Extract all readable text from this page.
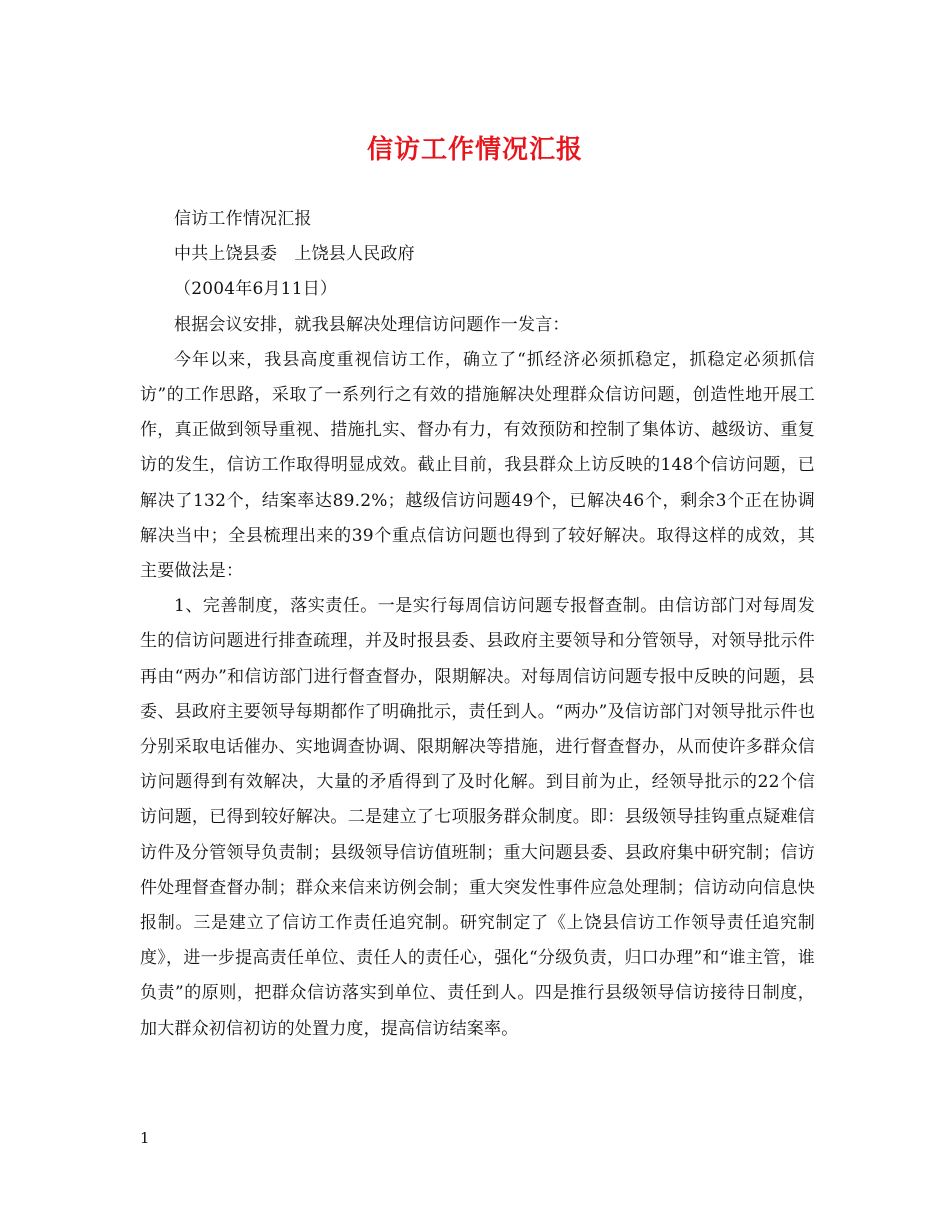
信访工作情况汇报

信访工作情况汇报

中共上饶县委　上饶县人民政府

（2004年6月11日）

根据会议安排，就我县解决处理信访问题作一发言：

今年以来，我县高度重视信访工作，确立了“抓经济必须抓稳定，抓稳定必须抓信访”的工作思路，采取了一系列行之有效的措施解决处理群众信访问题，创造性地开展工作，真正做到领导重视、措施扎实、督办有力，有效预防和控制了集体访、越级访、重复访的发生，信访工作取得明显成效。截止目前，我县群众上访反映的148个信访问题，已解决了132个，结案率达89.2%；越级信访问题49个，已解决46个，剩余3个正在协调解决当中；全县梳理出来的39个重点信访问题也得到了较好解决。取得这样的成效，其主要做法是：

1、完善制度，落实责任。一是实行每周信访问题专报督查制。由信访部门对每周发生的信访问题进行排查疏理，并及时报县委、县政府主要领导和分管领导，对领导批示件再由“两办”和信访部门进行督查督办，限期解决。对每周信访问题专报中反映的问题，县委、县政府主要领导每期都作了明确批示，责任到人。“两办”及信访部门对领导批示件也分别采取电话催办、实地调查协调、限期解决等措施，进行督查督办，从而使许多群众信访问题得到有效解决，大量的矛盾得到了及时化解。到目前为止，经领导批示的22个信访问题，已得到较好解决。二是建立了七项服务群众制度。即：县级领导挂钩重点疑难信访件及分管领导负责制；县级领导信访值班制；重大问题县委、县政府集中研究制；信访件处理督查督办制；群众来信来访例会制；重大突发性事件应急处理制；信访动向信息快报制。三是建立了信访工作责任追究制。研究制定了《上饶县信访工作领导责任追究制度》，进一步提高责任单位、责任人的责任心，强化“分级负责，归口办理”和“谁主管，谁负责”的原则，把群众信访落实到单位、责任到人。四是推行县级领导信访接待日制度，加大群众初信初访的处置力度，提高信访结案率。

1
